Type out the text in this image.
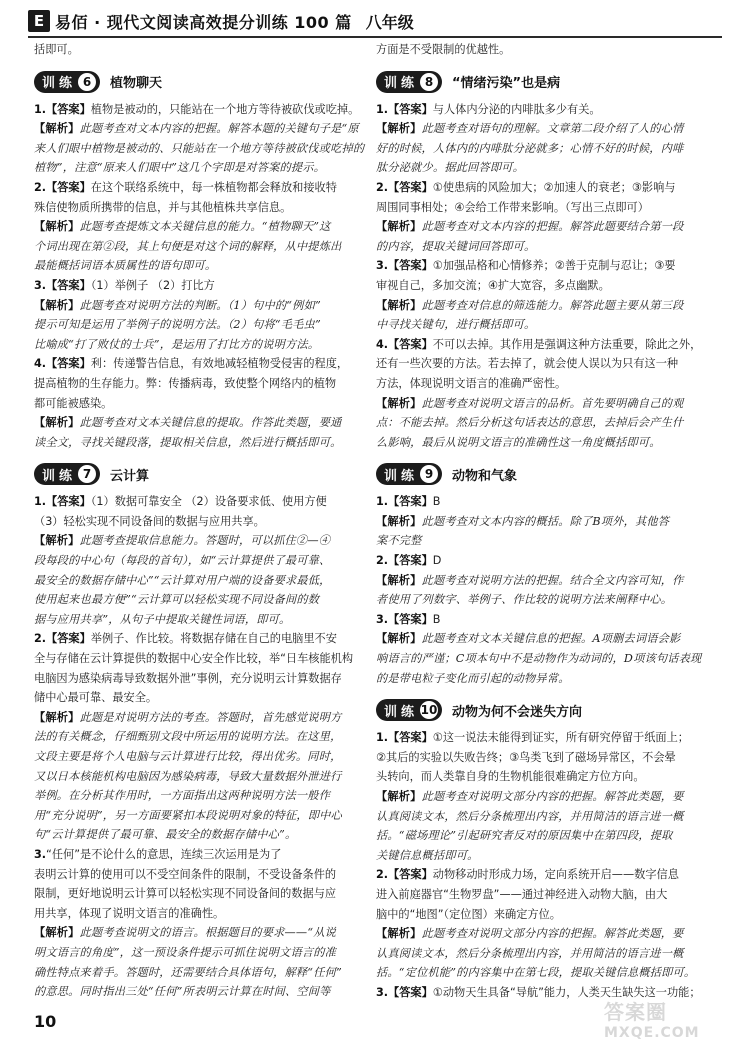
E 易佰 · 现代文阅读高效提分训练 100 篇 八年级
括即可。
训练 6	植物聊天
1.【答案】植物是被动的，只能站在一个地方等待被砍伐或吃掉。
【解析】此题考查对文本内容的把握。解答本题的关键句子是“原
来人们眼中植物是被动的、只能站在一个地方等待被砍伐或吃掉的
植物”，注意“原来人们眼中”这几个字即是对答案的提示。
2.【答案】在这个联络系统中，每一株植物都会释放和接收特
殊信使物质所携带的信息，并与其他植株共享信息。
【解析】此题考查提炼文本关键信息的能力。“植物聊天”这
个词出现在第②段，其上句便是对这个词的解释，从中提炼出
最能概括词语本质属性的语句即可。
3.【答案】（1）举例子 （2）打比方
【解析】此题考查对说明方法的判断。（1）句中的“例如”
提示可知是运用了举例子的说明方法。（2）句将“毛毛虫”
比喻成“打了败仗的士兵”，是运用了打比方的说明方法。
4.【答案】利：传递警告信息，有效地减轻植物受侵害的程度，
提高植物的生存能力。弊：传播病毒，致使整个网络内的植物
都可能被感染。
【解析】此题考查对文本关键信息的提取。作答此类题，要通
读全文，寻找关键段落，提取相关信息，然后进行概括即可。
训练 7	云计算
1.【答案】（1）数据可靠安全 （2）设备要求低、使用方便
（3）轻松实现不同设备间的数据与应用共享。
【解析】此题考查提取信息能力。答题时，可以抓住②—④
段每段的中心句（每段的首句），如“云计算提供了最可靠、
最安全的数据存储中心”“云计算对用户端的设备要求最低，
使用起来也最方便”“云计算可以轻松实现不同设备间的数
据与应用共享”，从句子中提取关键性词语，即可。
2.【答案】举例子、作比较。将数据存储在自己的电脑里不安
全与存储在云计算提供的数据中心安全作比较，举“日车核能机构
电脑因为感染病毒导致数据外泄”事例，充分说明云计算数据存
储中心最可靠、最安全。
【解析】此题是对说明方法的考查。答题时，首先感觉说明方
法的有关概念，仔细甄别文段中所运用的说明方法。在这里，
文段主要是将个人电脑与云计算进行比较，得出优劣。同时，
又以日本核能机构电脑因为感染病毒，导致大量数据外泄进行
举例。在分析其作用时，一方面指出这两种说明方法一般作
用“充分说明”，另一方面要紧扣本段说明对象的特征，即中心
句“云计算提供了最可靠、最安全的数据存储中心”。
3.“任何”是不论什么的意思，连续三次运用是为了
表明云计算的使用可以不受空间条件的限制，不受设备条件的
限制，更好地说明云计算可以轻松实现不同设备间的数据与应
用共享，体现了说明文语言的准确性。
【解析】此题考查说明文的语言。根据题目的要求——“从说
明文语言的角度”，这一预设条件提示可抓住说明文语言的准
确性特点来着手。答题时，还需要结合具体语句，解释“任何”
的意思。同时指出三处“任何”所表明云计算在时间、空间等
方面是不受限制的优越性。
训练 8	“情绪污染”也是病
1.【答案】与人体内分泌的内啡肽多少有关。
【解析】此题考查对语句的理解。文章第二段介绍了人的心情
好的时候，人体内的内啡肽分泌就多；心情不好的时候，内啡
肽分泌就少。据此回答即可。
2.【答案】①使患病的风险加大；②加速人的衰老；③影响与
周围同事相处；④会给工作带来影响。（写出三点即可）
【解析】此题考查对文本内容的把握。解答此题要结合第一段
的内容，提取关键词回答即可。
3.【答案】①加强品格和心情修养；②善于克制与忍让；③要
审视自己，多加交流；④扩大宽容，多点幽默。
【解析】此题考查对信息的筛选能力。解答此题主要从第三段
中寻找关键句，进行概括即可。
4.【答案】不可以去掉。其作用是强调这种方法重要，除此之外，
还有一些次要的方法。若去掉了，就会使人误以为只有这一种
方法，体现说明文语言的准确严密性。
【解析】此题考查对说明文语言的品析。首先要明确自己的观
点：不能去掉。然后分析这句话表达的意思，去掉后会产生什
么影响，最后从说明文语言的准确性这一角度概括即可。
训练 9	动物和气象
1.【答案】B
【解析】此题考查对文本内容的概括。除了B项外，其他答
案不完整
2.【答案】D
【解析】此题考查对说明方法的把握。结合全文内容可知，作
者使用了列数字、举例子、作比较的说明方法来阐释中心。
3.【答案】B
【解析】此题考查对文本关键信息的把握。A项删去词语会影
响语言的严谨；C项本句中不是动物作为动词的，D项该句话表现
的是带电粒子变化而引起的动物异常。
训练 10 动物为何不会迷失方向
1.【答案】①这一说法未能得到证实，所有研究停留于纸面上；
②其后的实验以失败告终；③鸟类飞到了磁场异常区，不会晕
头转向，而人类靠自身的生物机能很难确定方位方向。
【解析】此题考查对说明文部分内容的把握。解答此类题，要
认真阅读文本，然后分条梳理出内容，并用简洁的语言进一概
括。“磁场理论”引起研究者反对的原因集中在第四段，提取
关键信息概括即可。
2.【答案】动物移动时形成力场，定向系统开启——数字信息
进入前庭器官“生物罗盘”——通过神经进入动物大脑，由大
脑中的“地图”（定位图）来确定方位。
【解析】此题考查对说明文部分内容的把握。解答此类题，要
认真阅读文本，然后分条梳理出内容，并用简洁的语言进一概
括。“定位机能”的内容集中在第七段，提取关键信息概括即可。
3.【答案】①动物天生具备“导航”能力，人类天生缺失这一功能；
10	答案圈
MXQE.COM
